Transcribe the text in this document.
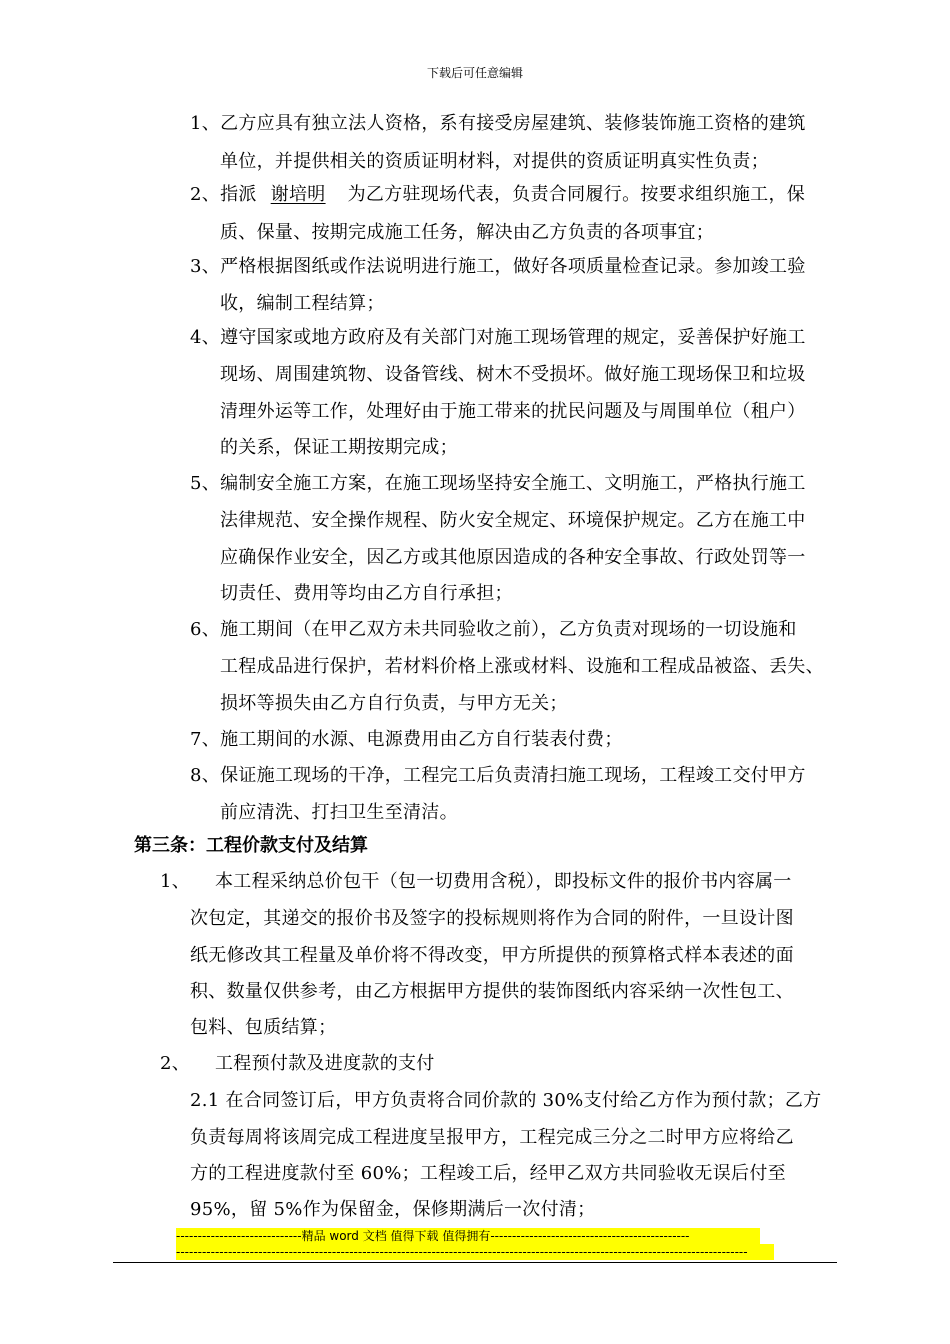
下载后可任意编辑
1、乙方应具有独立法人资格，系有接受房屋建筑、装修装饰施工资格的建筑
单位，并提供相关的资质证明材料，对提供的资质证明真实性负责；
2、指派 谢培明 为乙方驻现场代表，负责合同履行。按要求组织施工，保
质、保量、按期完成施工任务，解决由乙方负责的各项事宜；
3、严格根据图纸或作法说明进行施工，做好各项质量检查记录。参加竣工验
收，编制工程结算；
4、遵守国家或地方政府及有关部门对施工现场管理的规定，妥善保护好施工
现场、周围建筑物、设备管线、树木不受损坏。做好施工现场保卫和垃圾
清理外运等工作，处理好由于施工带来的扰民问题及与周围单位（租户）
的关系，保证工期按期完成；
5、编制安全施工方案，在施工现场坚持安全施工、文明施工，严格执行施工
法律规范、安全操作规程、防火安全规定、环境保护规定。乙方在施工中
应确保作业安全，因乙方或其他原因造成的各种安全事故、行政处罚等一
切责任、费用等均由乙方自行承担；
6、施工期间（在甲乙双方未共同验收之前），乙方负责对现场的一切设施和
工程成品进行保护，若材料价格上涨或材料、设施和工程成品被盗、丢失、
损坏等损失由乙方自行负责，与甲方无关；
7、施工期间的水源、电源费用由乙方自行装表付费；
8、保证施工现场的干净，工程完工后负责清扫施工现场，工程竣工交付甲方
前应清洗、打扫卫生至清洁。
第三条：工程价款支付及结算
1、 本工程采纳总价包干（包一切费用含税），即投标文件的报价书内容属一
次包定，其递交的报价书及签字的投标规则将作为合同的附件，一旦设计图
纸无修改其工程量及单价将不得改变，甲方所提供的预算格式样本表述的面
积、数量仅供参考，由乙方根据甲方提供的装饰图纸内容采纳一次性包工、
包料、包质结算；
2、 工程预付款及进度款的支付
2.1 在合同签订后，甲方负责将合同价款的 30%支付给乙方作为预付款；乙方
负责每周将该周完成工程进度呈报甲方，工程完成三分之二时甲方应将给乙
方的工程进度款付至 60%；工程竣工后，经甲乙双方共同验收无误后付至
95%，留 5%作为保留金，保修期满后一次付清；
-----------------------------精品 word 文档 值得下载 值得拥有----------------------------------------------
------------------------------------------------------------------------------------------------------------------------------------
